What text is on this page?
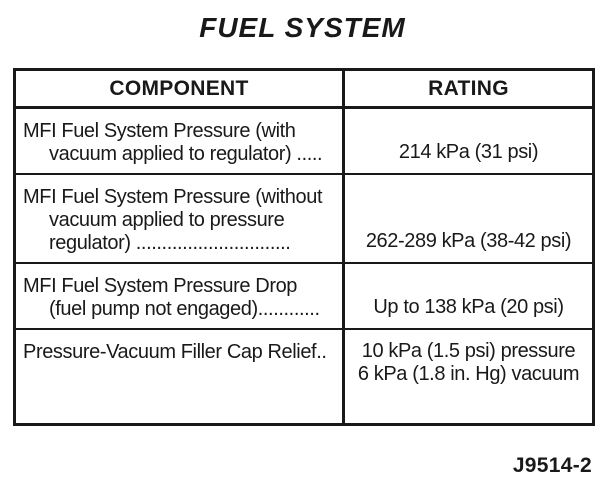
FUEL SYSTEM
COMPONENT	RATING

MFI Fuel System Pressure (with
vacuum applied to regulator) .....	214 kPa (31 psi)

MFI Fuel System Pressure (without
vacuum applied to pressure
regulator) ..............................	262-289 kPa (38-42 psi)

MFI Fuel System Pressure Drop
(fuel pump not engaged)............	Up to 138 kPa (20 psi)

Pressure-Vacuum Filler Cap Relief..	10 kPa (1.5 psi) pressure
6 kPa (1.8 in. Hg) vacuum
J9514-2
